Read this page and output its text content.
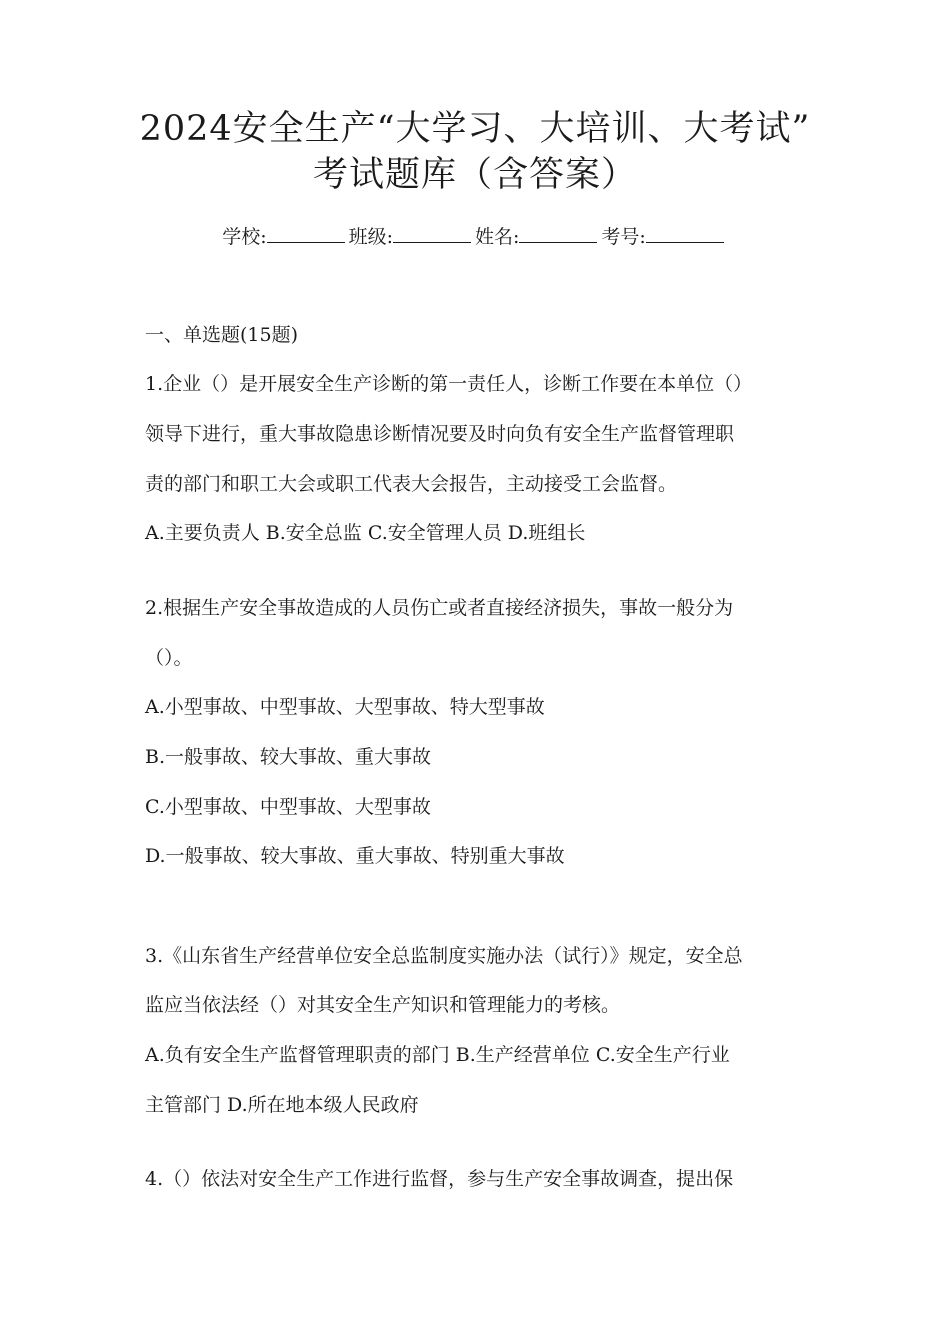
2024安全生产“大学习、大培训、大考试”
考试题库（含答案）
学校:	班级:	姓名:	考号:
一、单选题(15题)
1.企业（）是开展安全生产诊断的第一责任人，诊断工作要在本单位（）
领导下进行，重大事故隐患诊断情况要及时向负有安全生产监督管理职
责的部门和职工大会或职工代表大会报告，主动接受工会监督。
A.主要负责人 B.安全总监 C.安全管理人员 D.班组长
2.根据生产安全事故造成的人员伤亡或者直接经济损失，事故一般分为
（）。
A.小型事故、中型事故、大型事故、特大型事故
B.一般事故、较大事故、重大事故
C.小型事故、中型事故、大型事故
D.一般事故、较大事故、重大事故、特别重大事故
3.《山东省生产经营单位安全总监制度实施办法（试行）》规定，安全总
监应当依法经（）对其安全生产知识和管理能力的考核。
A.负有安全生产监督管理职责的部门 B.生产经营单位 C.安全生产行业
主管部门 D.所在地本级人民政府
4.（）依法对安全生产工作进行监督，参与生产安全事故调查，提出保
